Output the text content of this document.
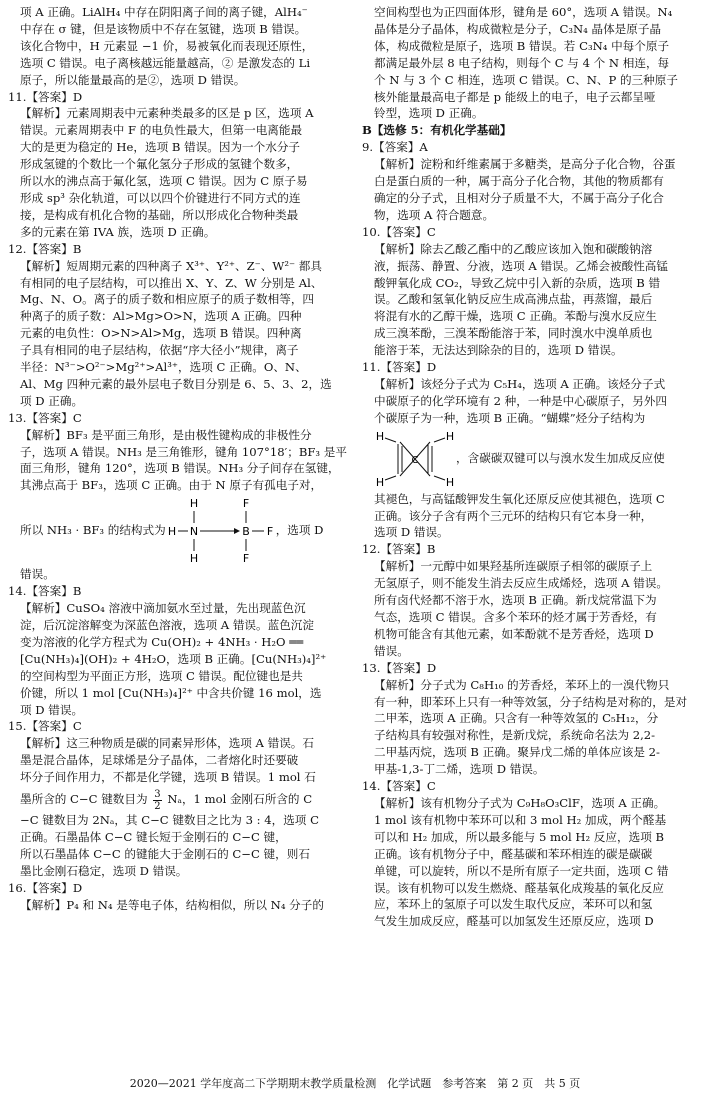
项 A 正确。LiAlH₄ 中存在阴阳离子间的离子键，AlH₄⁻

中存在 σ 键，但是该物质中不存在氢键，选项 B 错误。

该化合物中，H 元素显 −1 价，易被氧化而表现还原性，

选项 C 错误。电子离核越远能量越高，② 是激发态的 Li

原子，所以能量最高的是②，选项 D 错误。

11.【答案】D

【解析】元素周期表中元素种类最多的区是 p 区，选项 A

错误。元素周期表中 F 的电负性最大，但第一电离能最

大的是更为稳定的 He，选项 B 错误。因为一个水分子

形成氢键的个数比一个氟化氢分子形成的氢键个数多，

所以水的沸点高于氟化氢，选项 C 错误。因为 C 原子易

形成 sp³ 杂化轨道，可以以四个价键进行不同方式的连

接，是构成有机化合物的基础，所以形成化合物种类最

多的元素在第 IVA 族，选项 D 正确。

12.【答案】B

【解析】短周期元素的四种离子 X³⁺、Y²⁺、Z⁻、W²⁻ 都具

有相同的电子层结构，可以推出 X、Y、Z、W 分别是 Al、

Mg、N、O。离子的质子数和相应原子的质子数相等，四

种离子的质子数：Al>Mg>O>N，选项 A 正确。四种

元素的电负性：O>N>Al>Mg，选项 B 错误。四种离

子具有相同的电子层结构，依据“序大径小”规律，离子

半径：N³⁻>O²⁻>Mg²⁺>Al³⁺，选项 C 正确。O、N、

Al、Mg 四种元素的最外层电子数目分别是 6、5、3、2，选

项 D 正确。

13.【答案】C

【解析】BF₃ 是平面三角形，是由极性键构成的非极性分

子，选项 A 错误。NH₃ 是三角锥形，键角 107°18′；BF₃ 是平

面三角形，键角 120°，选项 B 错误。NH₃ 分子间存在氢键，

其沸点高于 BF₃，选项 C 正确。由于 N 原子有孤电子对，

所以 NH₃ · BF₃ 的结构式为
H
H N
H
F
B F
F
，选项 D

错误。

14.【答案】B

【解析】CuSO₄ 溶液中滴加氨水至过量，先出现蓝色沉

淀，后沉淀溶解变为深蓝色溶液，选项 A 错误。蓝色沉淀

变为溶液的化学方程式为 Cu(OH)₂ + 4NH₃ · H₂O ══

[Cu(NH₃)₄](OH)₂ + 4H₂O，选项 B 正确。[Cu(NH₃)₄]²⁺

的空间构型为平面正方形，选项 C 错误。配位键也是共

价键，所以 1 mol [Cu(NH₃)₄]²⁺ 中含共价键 16 mol，选

项 D 错误。

15.【答案】C

【解析】这三种物质是碳的同素异形体，选项 A 错误。石

墨是混合晶体，足球烯是分子晶体，二者熔化时还要破

坏分子间作用力，不都是化学键，选项 B 错误。1 mol 石

墨所含的 C−C 键数目为 $\frac{3}{2}$ Nₐ，1 mol 金刚石所含的 C

−C 键数目为 2Nₐ，其 C−C 键数目之比为 3 : 4，选项 C

正确。石墨晶体 C−C 键长短于金刚石的 C−C 键，

所以石墨晶体 C−C 的键能大于金刚石的 C−C 键，则石

墨比金刚石稳定，选项 D 错误。

16.【答案】D

【解析】P₄ 和 N₄ 是等电子体，结构相似，所以 N₄ 分子的

空间构型也为正四面体形，键角是 60°，选项 A 错误。N₄

晶体是分子晶体，构成微粒是分子，C₃N₄ 晶体是原子晶

体，构成微粒是原子，选项 B 错误。若 C₃N₄ 中每个原子

都满足最外层 8 电子结构，则每个 C 与 4 个 N 相连，每

个 N 与 3 个 C 相连，选项 C 错误。C、N、P 的三种原子

核外能量最高电子都是 p 能级上的电子，电子云都呈哑

铃型，选项 D 正确。

B【选修 5：有机化学基础】

9.【答案】A

【解析】淀粉和纤维素属于多糖类，是高分子化合物，谷蛋

白是蛋白质的一种，属于高分子化合物，其他的物质都有

确定的分子式，且相对分子质量不大，不属于高分子化合

物，选项 A 符合题意。

10.【答案】C

【解析】除去乙酸乙酯中的乙酸应该加入饱和碳酸钠溶

液，振荡、静置、分液，选项 A 错误。乙烯会被酸性高锰

酸钾氧化成 CO₂，导致乙烷中引入新的杂质，选项 B 错

误。乙酸和氢氧化钠反应生成高沸点盐，再蒸馏，最后

将混有水的乙醇干燥，选项 C 正确。苯酚与溴水反应生

成三溴苯酚，三溴苯酚能溶于苯，同时溴水中溴单质也

能溶于苯，无法达到除杂的目的，选项 D 错误。

11.【答案】D

【解析】该烃分子式为 C₅H₄，选项 A 正确。该烃分子式

中碳原子的化学环境有 2 种，一种是中心碳原子，另外四

个碳原子为一种，选项 B 正确。“蝴蝶”烃分子结构为

C
H
H
H
H
，含碳碳双键可以与溴水发生加成反应使

其褪色，与高锰酸钾发生氧化还原反应使其褪色，选项 C

正确。该分子含有两个三元环的结构只有它本身一种，

选项 D 错误。

12.【答案】B

【解析】一元醇中如果羟基所连碳原子相邻的碳原子上

无氢原子，则不能发生消去反应生成烯烃，选项 A 错误。

所有卤代烃都不溶于水，选项 B 正确。新戊烷常温下为

气态，选项 C 错误。含多个苯环的烃才属于芳香烃，有

机物可能含有其他元素，如苯酚就不是芳香烃，选项 D

错误。

13.【答案】D

【解析】分子式为 C₈H₁₀ 的芳香烃，苯环上的一溴代物只

有一种，即苯环上只有一种等效氢，分子结构是对称的，是对

二甲苯，选项 A 正确。只含有一种等效氢的 C₅H₁₂，分

子结构具有较强对称性，是新戊烷，系统命名法为 2,2-

二甲基丙烷，选项 B 正确。聚异戊二烯的单体应该是 2-

甲基-1,3-丁二烯，选项 D 错误。

14.【答案】C

【解析】该有机物分子式为 C₉H₈O₃ClF，选项 A 正确。

1 mol 该有机物中苯环可以和 3 mol H₂ 加成，两个醛基

可以和 H₂ 加成，所以最多能与 5 mol H₂ 反应，选项 B

正确。该有机物分子中，醛基碳和苯环相连的碳是碳碳

单键，可以旋转，所以不是所有原子一定共面，选项 C 错

误。该有机物可以发生燃烧、醛基氧化成羧基的氧化反应

应，苯环上的氢原子可以发生取代反应，苯环可以和氢

气发生加成反应，醛基可以加氢发生还原反应，选项 D

2020—2021 学年度高二下学期期末教学质量检测　化学试题　参考答案　第 2 页　共 5 页
